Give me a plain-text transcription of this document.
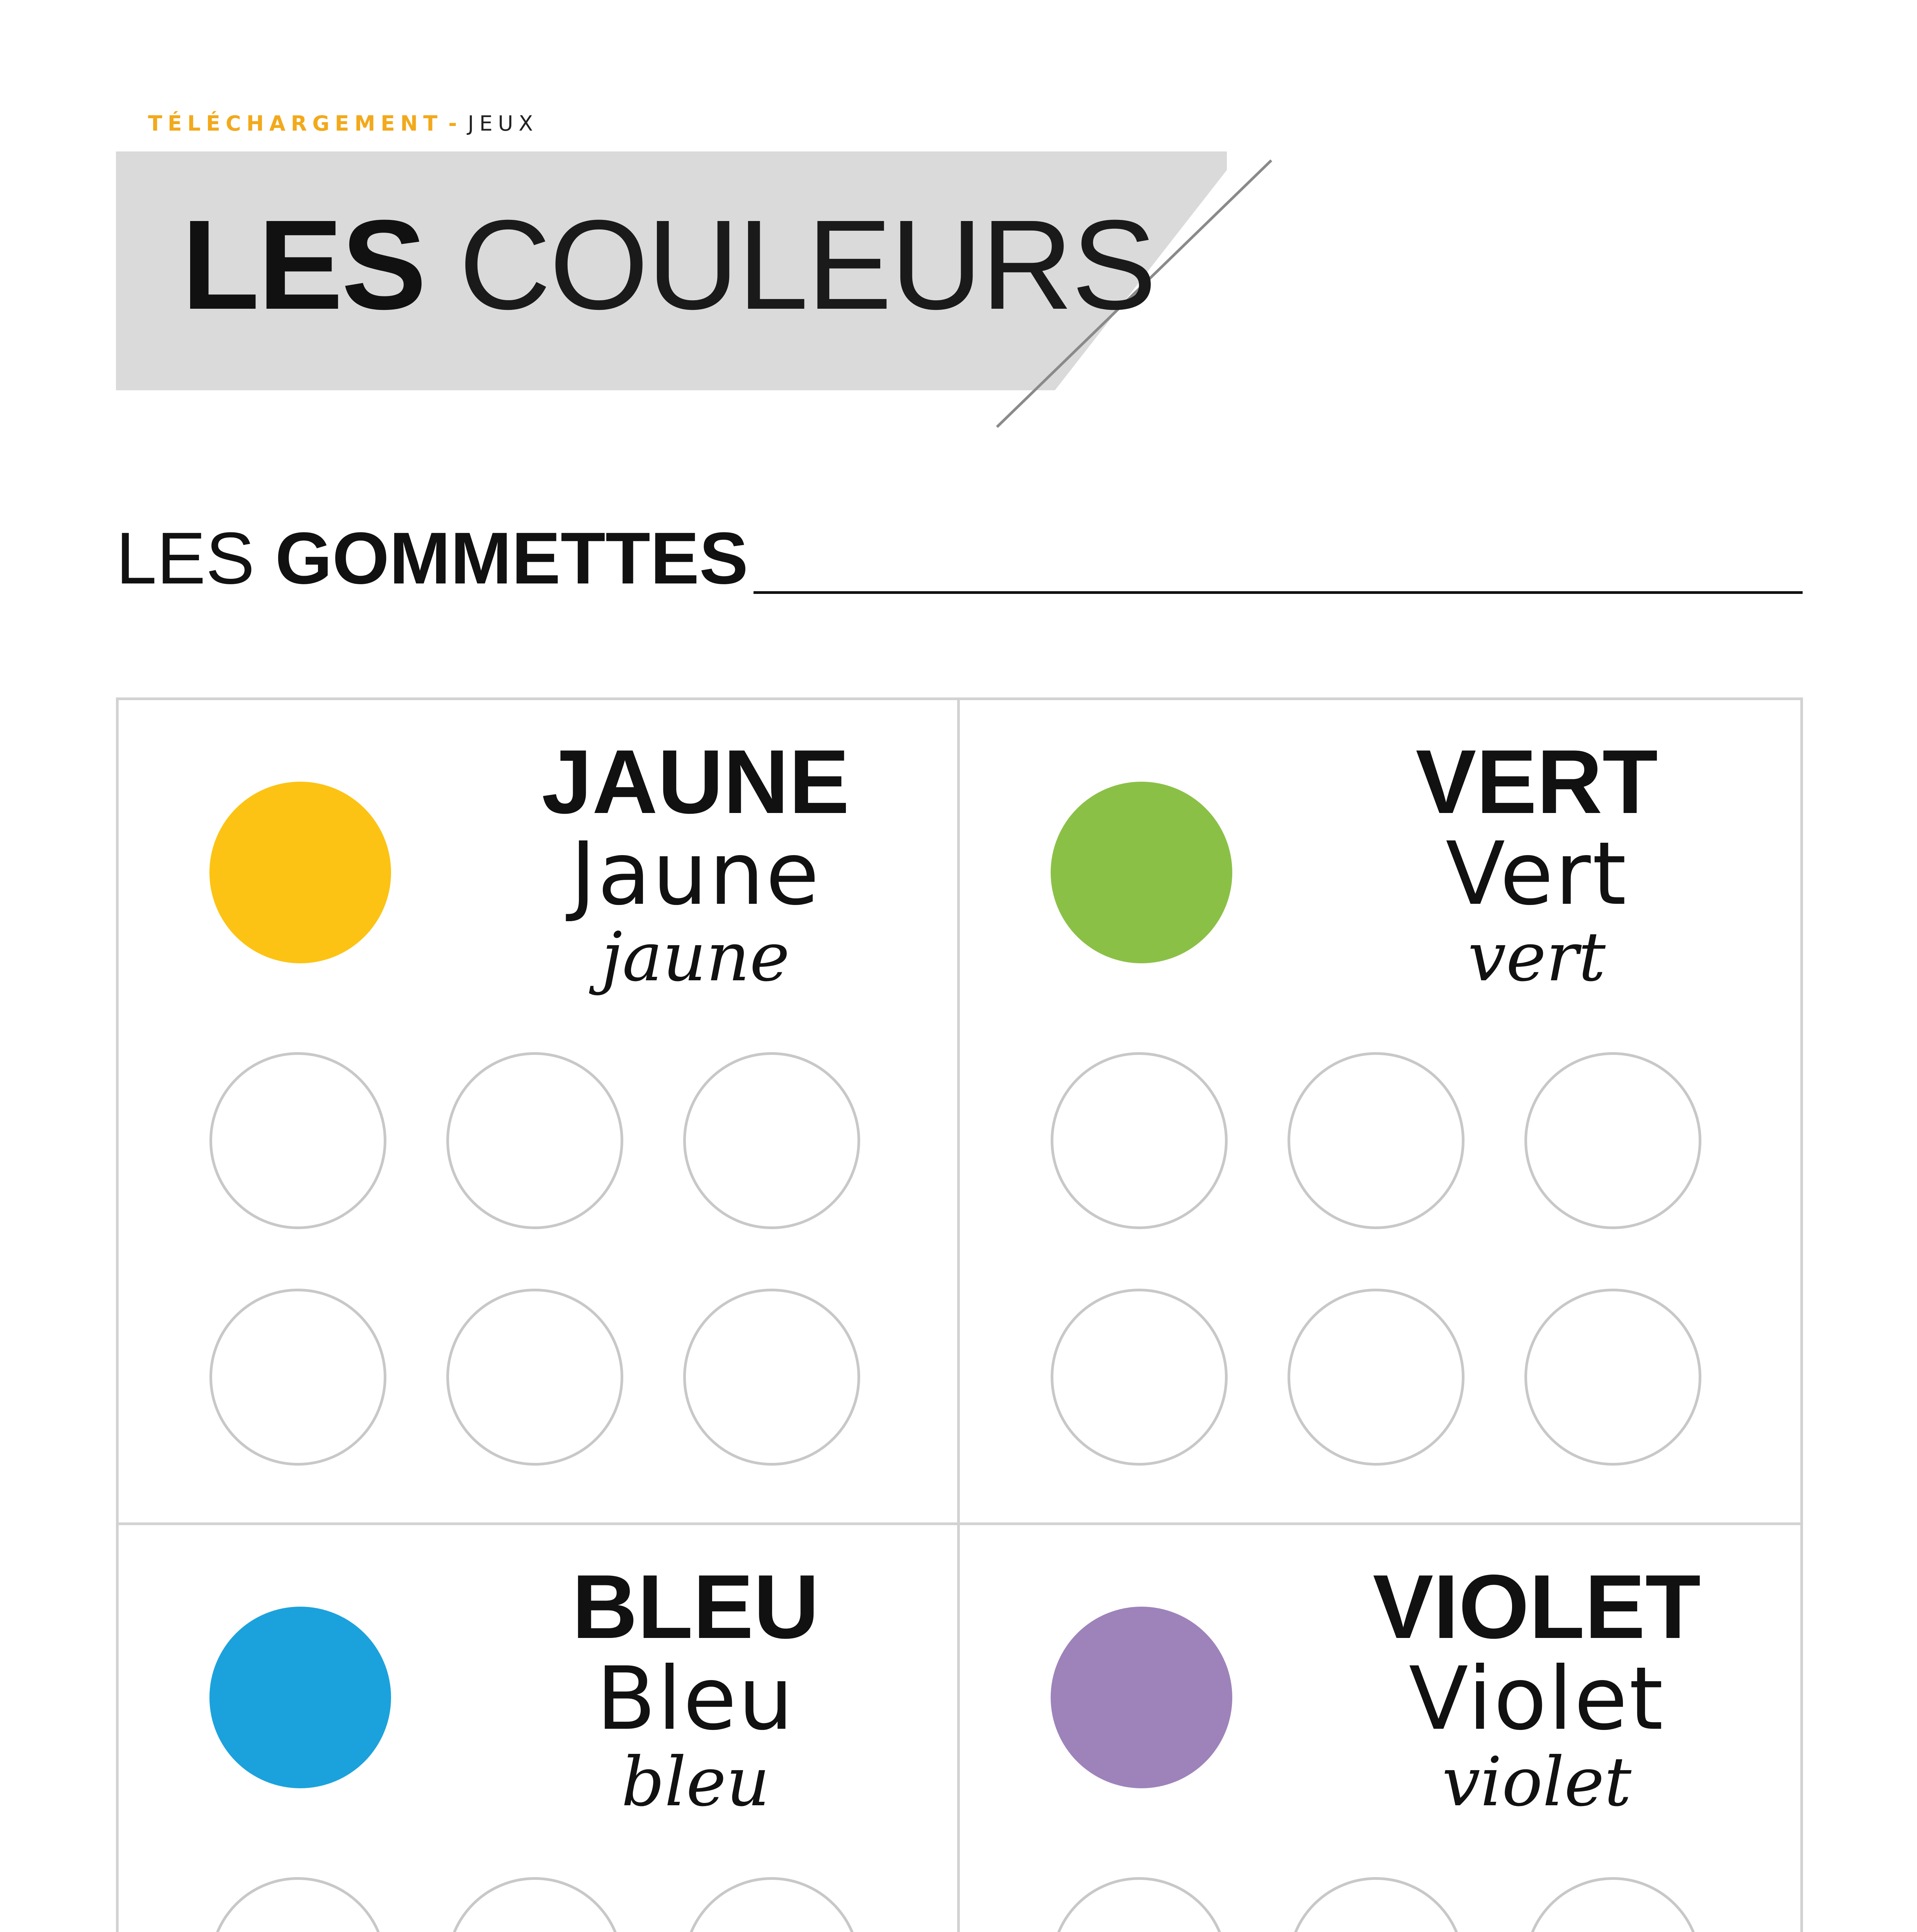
TÉLÉCHARGEMENT - JEUX
LES COULEURS
LES GOMMETTES
JAUNE
Jaune
jaune
VERT
Vert
vert
BLEU
Bleu
bleu
VIOLET
Violet
violet
